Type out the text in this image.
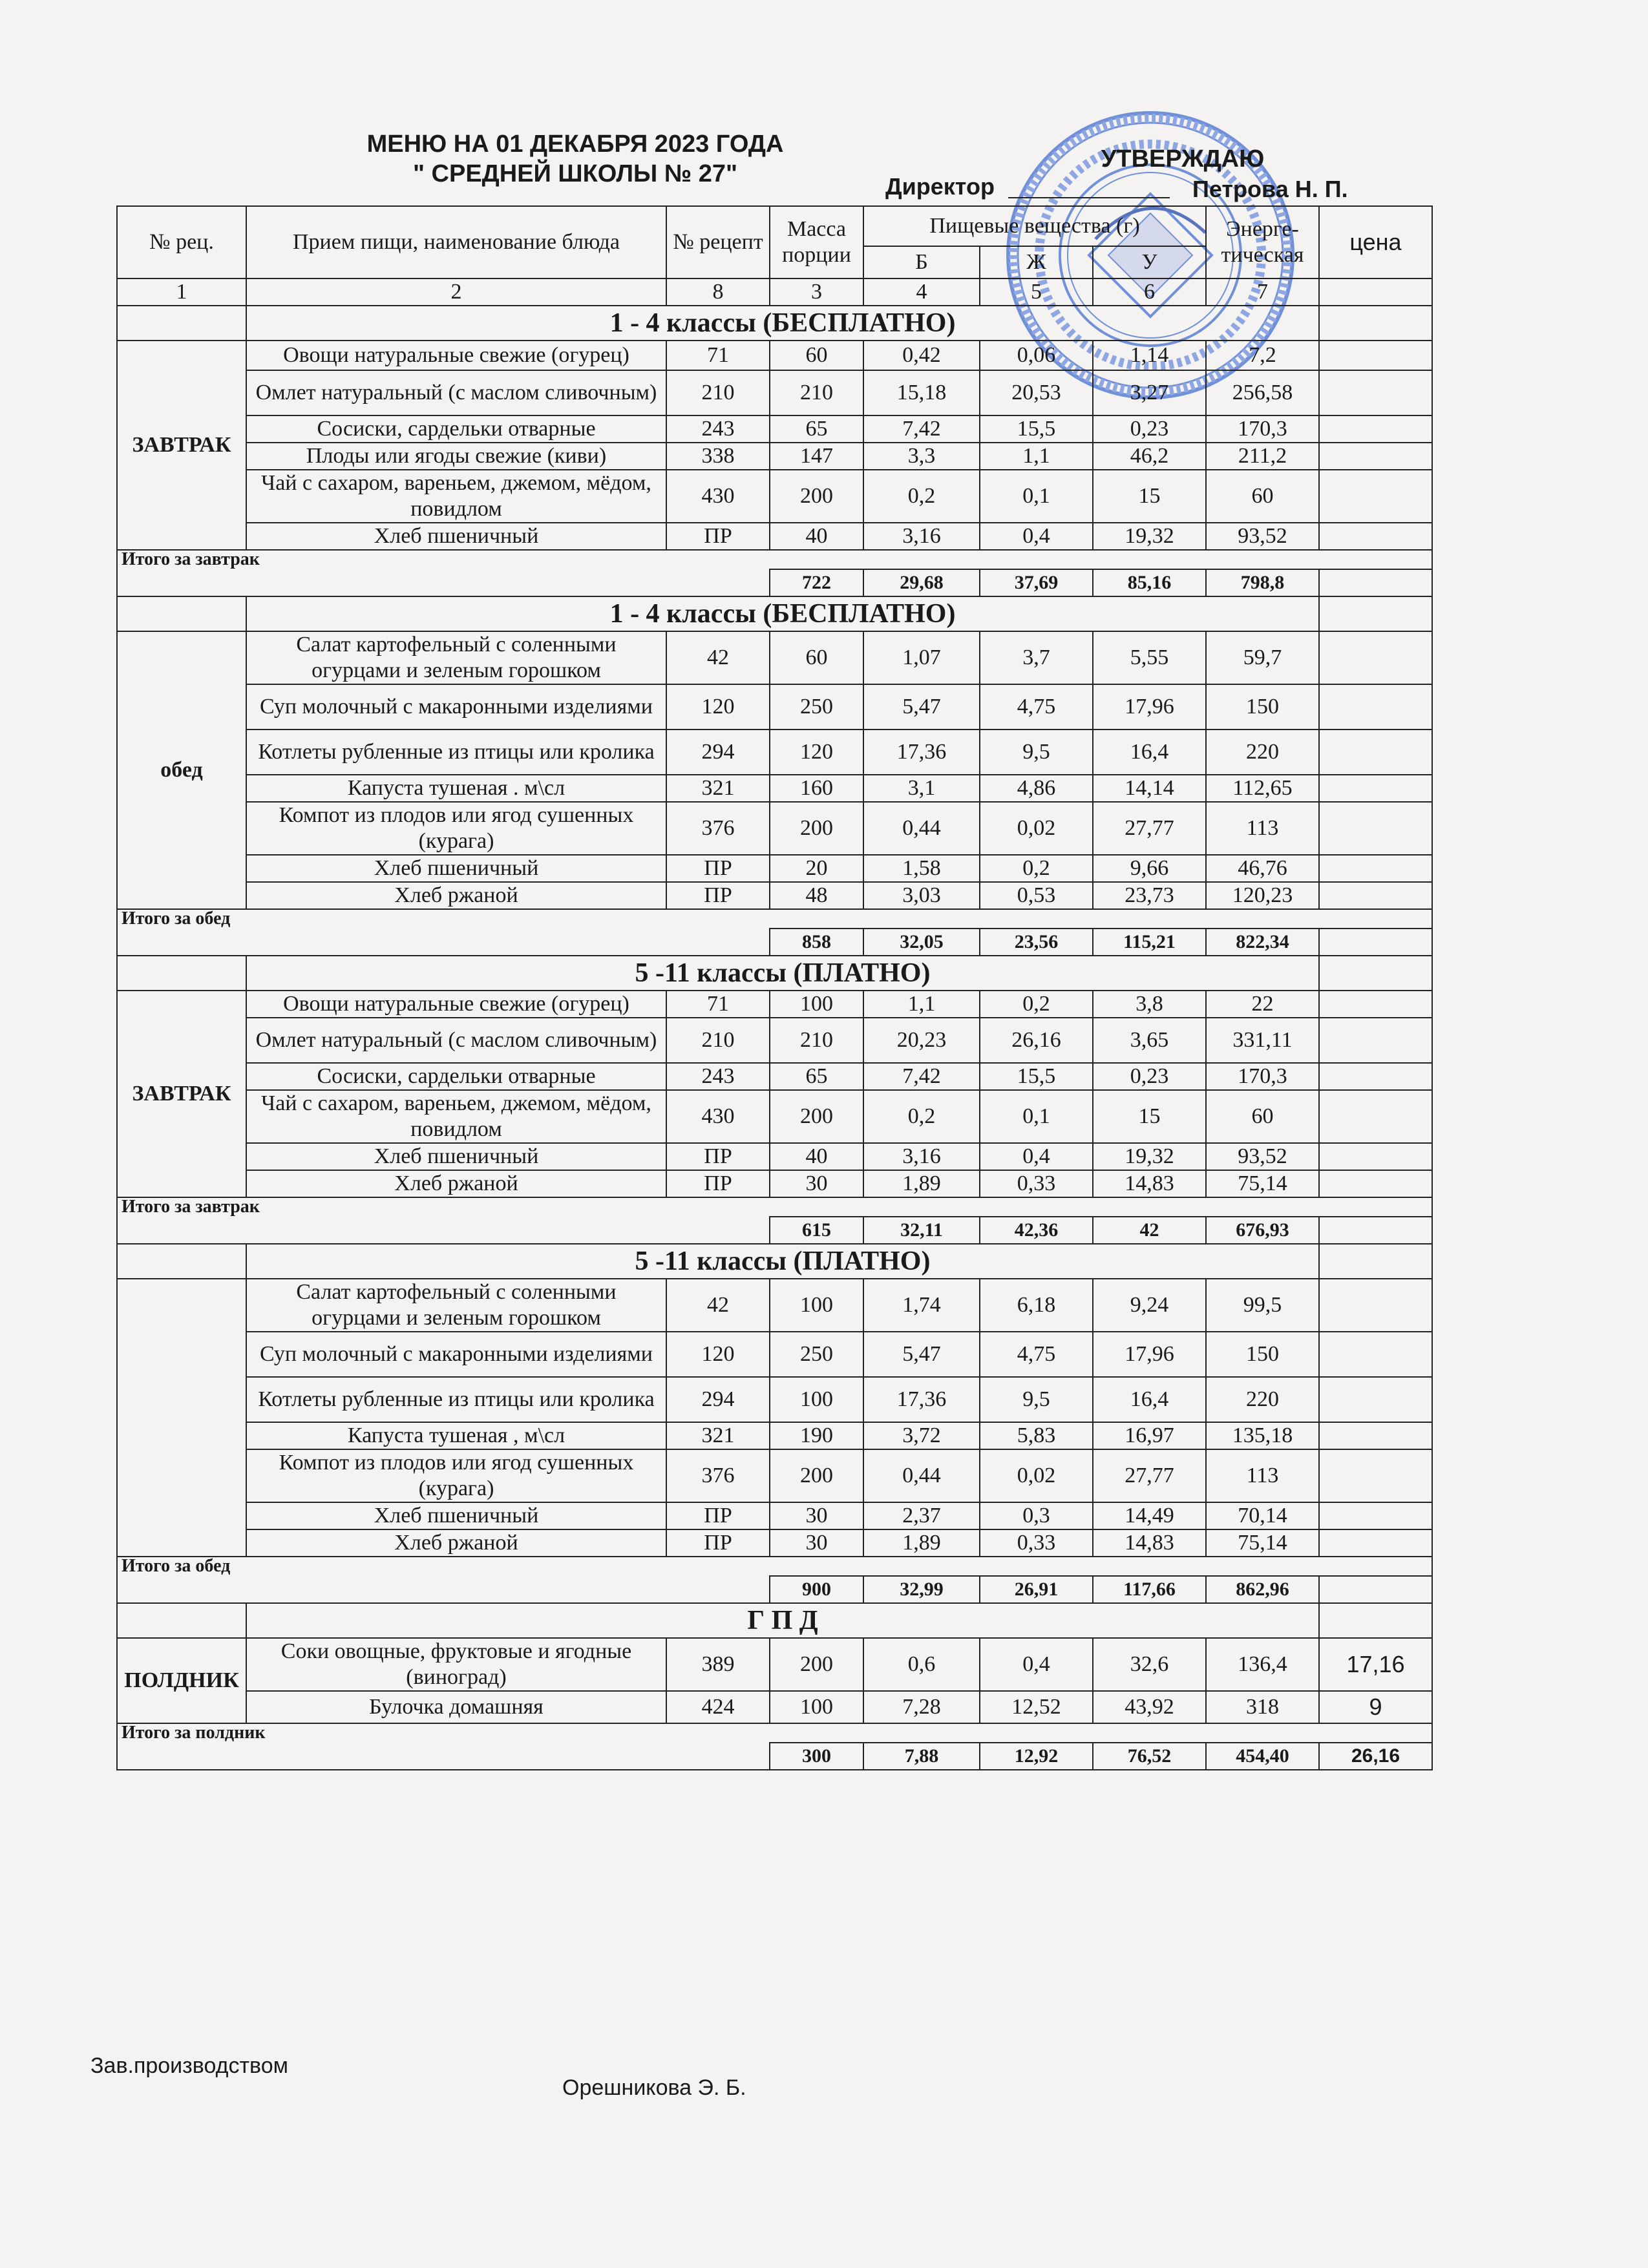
МЕНЮ НА 01 ДЕКАБРЯ 2023 ГОДА
" СРЕДНЕЙ ШКОЛЫ № 27"
УТВЕРЖДАЮ
Директор	Петрова Н. П.
№ рец.	Прием пищи, наименование блюда	№ рецепт	Масса порции	Пищевые вещества (г)			Энерге-тическая	цена
				Б	Ж	У		
1	2	8	3	4	5	6	7	
	1 - 4 классы (БЕСПЛАТНО)							
ЗАВТРАК	Овощи натуральные свежие (огурец)	71	60	0,42	0,06	1,14	7,2	
	Омлет натуральный (с маслом сливочным)	210	210	15,18	20,53	3,27	256,58	
	Сосиски, сардельки отварные	243	65	7,42	15,5	0,23	170,3	
	Плоды или ягоды свежие (киви)	338	147	3,3	1,1	46,2	211,2	
	Чай с сахаром, вареньем, джемом, мёдом, повидлом	430	200	0,2	0,1	15	60	
	Хлеб пшеничный	ПР	40	3,16	0,4	19,32	93,52	
Итого за завтрак								
			722	29,68	37,69	85,16	798,8	
	1 - 4 классы (БЕСПЛАТНО)							
обед	Салат картофельный с соленными огурцами и зеленым горошком	42	60	1,07	3,7	5,55	59,7	
	Суп молочный с макаронными изделиями	120	250	5,47	4,75	17,96	150	
	Котлеты рубленные из птицы или кролика	294	120	17,36	9,5	16,4	220	
	Капуста тушеная . м\сл	321	160	3,1	4,86	14,14	112,65	
	Компот из плодов или ягод сушенных (курага)	376	200	0,44	0,02	27,77	113	
	Хлеб пшеничный	ПР	20	1,58	0,2	9,66	46,76	
	Хлеб ржаной	ПР	48	3,03	0,53	23,73	120,23	
Итого за обед								
			858	32,05	23,56	115,21	822,34	
	5 -11 классы (ПЛАТНО)							
ЗАВТРАК	Овощи натуральные свежие (огурец)	71	100	1,1	0,2	3,8	22	
	Омлет натуральный (с маслом сливочным)	210	210	20,23	26,16	3,65	331,11	
	Сосиски, сардельки отварные	243	65	7,42	15,5	0,23	170,3	
	Чай с сахаром, вареньем, джемом, мёдом, повидлом	430	200	0,2	0,1	15	60	
	Хлеб пшеничный	ПР	40	3,16	0,4	19,32	93,52	
	Хлеб ржаной	ПР	30	1,89	0,33	14,83	75,14	
Итого за завтрак								
			615	32,11	42,36	42	676,93	
	5 -11 классы (ПЛАТНО)							
	Салат картофельный с соленными огурцами и зеленым горошком	42	100	1,74	6,18	9,24	99,5	
	Суп молочный с макаронными изделиями	120	250	5,47	4,75	17,96	150	
	Котлеты рубленные из птицы или кролика	294	100	17,36	9,5	16,4	220	
	Капуста тушеная , м\сл	321	190	3,72	5,83	16,97	135,18	
	Компот из плодов или ягод сушенных (курага)	376	200	0,44	0,02	27,77	113	
	Хлеб пшеничный	ПР	30	2,37	0,3	14,49	70,14	
	Хлеб ржаной	ПР	30	1,89	0,33	14,83	75,14	
Итого за обед								
			900	32,99	26,91	117,66	862,96	
	Г П Д							
ПОЛДНИК	Соки овощные, фруктовые и ягодные (виноград)	389	200	0,6	0,4	32,6	136,4	17,16
	Булочка домашняя	424	100	7,28	12,52	43,92	318	9
Итого за полдник								
			300	7,88	12,92	76,52	454,40	26,16
Зав.производством
Орешникова Э. Б.
